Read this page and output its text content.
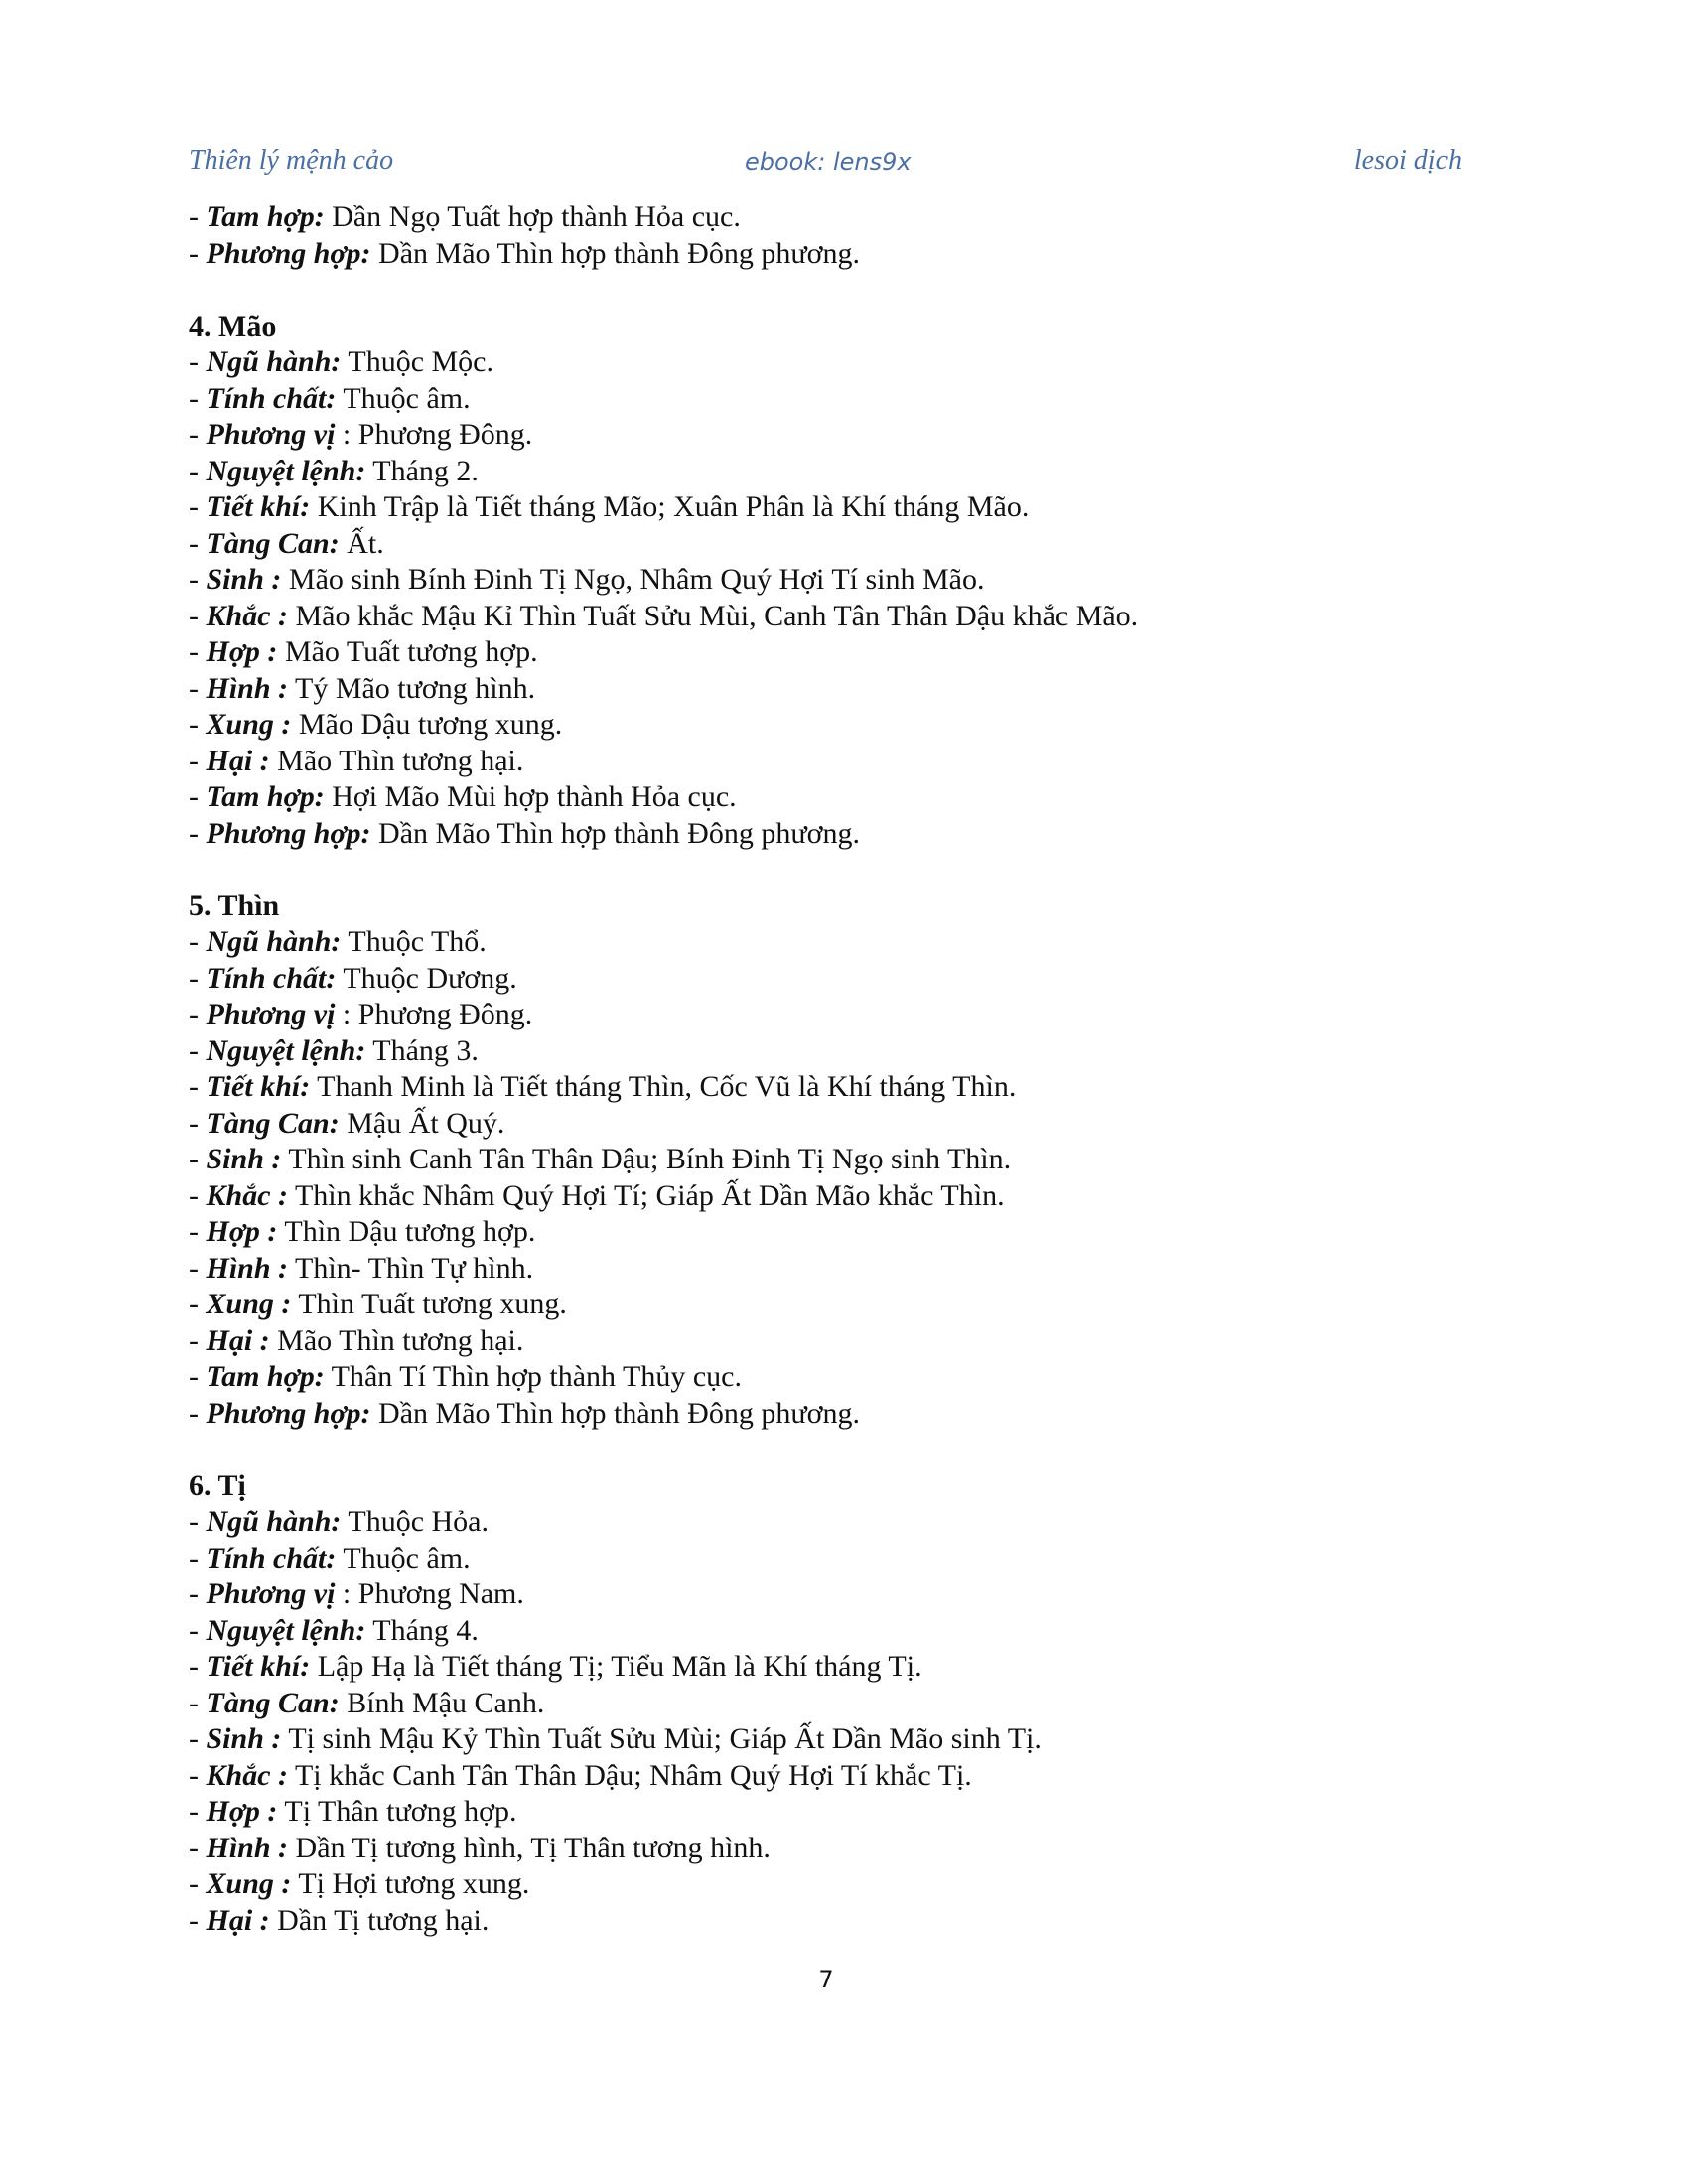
Thiên lý mệnh cảo	ebook: lens9x	lesoi dịch
- Tam hợp: Dần Ngọ Tuất hợp thành Hỏa cục.
- Phương hợp: Dần Mão Thìn hợp thành Đông phương.
4. Mão
- Ngũ hành: Thuộc Mộc.
- Tính chất: Thuộc âm.
- Phương vị : Phương Đông.
- Nguyệt lệnh: Tháng 2.
- Tiết khí: Kinh Trập là Tiết tháng Mão; Xuân Phân là Khí tháng Mão.
- Tàng Can: Ất.
- Sinh : Mão sinh Bính Đinh Tị Ngọ, Nhâm Quý Hợi Tí sinh Mão.
- Khắc : Mão khắc Mậu Kỉ Thìn Tuất Sửu Mùi, Canh Tân Thân Dậu khắc Mão.
- Hợp : Mão Tuất tương hợp.
- Hình : Tý Mão tương hình.
- Xung : Mão Dậu tương xung.
- Hại : Mão Thìn tương hại.
- Tam hợp: Hợi Mão Mùi hợp thành Hỏa cục.
- Phương hợp: Dần Mão Thìn hợp thành Đông phương.
5. Thìn
- Ngũ hành: Thuộc Thổ.
- Tính chất: Thuộc Dương.
- Phương vị : Phương Đông.
- Nguyệt lệnh: Tháng 3.
- Tiết khí: Thanh Minh là Tiết tháng Thìn, Cốc Vũ là Khí tháng Thìn.
- Tàng Can: Mậu Ất Quý.
- Sinh : Thìn sinh Canh Tân Thân Dậu; Bính Đinh Tị Ngọ sinh Thìn.
- Khắc : Thìn khắc Nhâm Quý Hợi Tí; Giáp Ất Dần Mão khắc Thìn.
- Hợp : Thìn Dậu tương hợp.
- Hình : Thìn- Thìn Tự hình.
- Xung : Thìn Tuất tương xung.
- Hại : Mão Thìn tương hại.
- Tam hợp: Thân Tí Thìn hợp thành Thủy cục.
- Phương hợp: Dần Mão Thìn hợp thành Đông phương.
6. Tị
- Ngũ hành: Thuộc Hỏa.
- Tính chất: Thuộc âm.
- Phương vị : Phương Nam.
- Nguyệt lệnh: Tháng 4.
- Tiết khí: Lập Hạ là Tiết tháng Tị; Tiểu Mãn là Khí tháng Tị.
- Tàng Can: Bính Mậu Canh.
- Sinh : Tị sinh Mậu Kỷ Thìn Tuất Sửu Mùi; Giáp Ất Dần Mão sinh Tị.
- Khắc : Tị khắc Canh Tân Thân Dậu; Nhâm Quý Hợi Tí khắc Tị.
- Hợp : Tị Thân tương hợp.
- Hình : Dần Tị tương hình, Tị Thân tương hình.
- Xung : Tị Hợi tương xung.
- Hại : Dần Tị tương hại.
7
